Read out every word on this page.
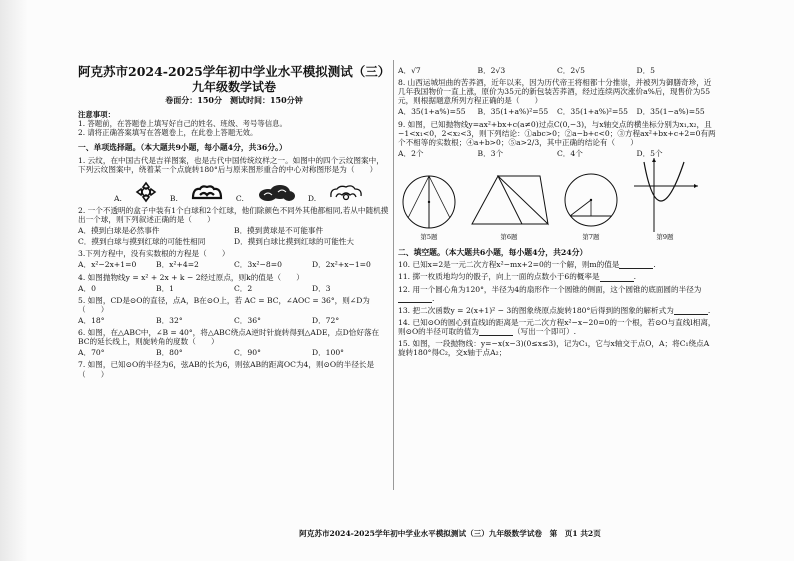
阿克苏市2024-2025学年初中学业水平模拟测试（三）
九年级数学试卷
卷面分：150分　测试时间：150分钟
注意事项：
1. 答题前，在答题卷上填写好自己的姓名、班级、考号等信息。
2. 请将正确答案填写在答题卷上，在此卷上答题无效。
一、单项选择题。（本大题共9小题，每小题4分，共36分。）
1. 云纹，在中国古代是吉祥图案，也是古代中国传统纹样之一。如图中的四个云纹图案中，下列云纹图案中，绕着某一个点旋转180°后与原来图形重合的中心对称图形是为（　　）
A.	B.	C.	D.
2. 一个不透明的盒子中装有1个白球和2个红球，他们除颜色不同外其他都相同,若从中随机摸出一个球，则下列叙述正确的是（　　）
A．摸到白球是必然事件	B．摸到黄球是不可能事件
C．摸到白球与摸到红球的可能性相同	D．摸到白球比摸到红球的可能性大
3.下列方程中，没有实数根的方程是（　　）
A．x²−2x+1=0	B．x²+4=2	C．3x²−8=0	D．2x²+x−1=0
4. 如图抛物线y = x² + 2x + k − 2经过原点，则k的值是（　　）
A．0	B．1	C．2	D．3
5. 如图，CD是⊙O的直径，点A，B在⊙O上，若 AC = BC，∠AOC = 36°，则∠D为（　　）
A．18°	B．32°	C．36°	D．72°
6. 如图，在△ABC中，∠B = 40°，将△ABC绕点A逆时针旋转得到△ADE，点D恰好落在BC的延长线上，则旋转角的度数（　　）
A．70°	B．80°	C．90°	D．100°
7. 如图，已知⊙O的半径为6，弦AB的长为6，则弦AB的距离OC为4，则⊙O的半径长是（　　）
A．√7	B．2√3	C．2√5	D．5
8. 山西运城垣曲的苦荞酒，近年以来，因为历代帝王将相都十分推崇，并被列为御膳奇珍，近几年我国物价一直上涨，原价为35元的新包装苦荞酒，经过连续两次涨价a%后，现售价为55元，则根据题意所列方程正确的是（　　）
A．35(1+a%)=55	B．35(1+a%)²=55	C．35(1+a%)²=55	D．35(1−a%)=55
9. 如图，已知抛物线y=ax²+bx+c(a≠0)过点C(0,−3)，与x轴交点的横坐标分别为x₁,x₂，且−1<x₁<0，2<x₂<3，则下列结论：①abc>0；②a−b+c<0；③方程ax²+bx+c+2=0有两个不相等的实数根；④a+b>0；⑤a>2/3，其中正确的结论有（　　）
A．2个	B．3个	C．4个	D．5个
第5题	第6题	第7题	第9题
二、填空题。（本大题共6小题，每小题4分，共24分）
10. 已知x=2是一元二次方程x²−mx+2=0的一个解，则m的值是	.
11. 掷一枚质地均匀的骰子，向上一面的点数小于6的概率是	.
12. 用一个圆心角为120°，半径为4的扇形作一个圆锥的侧面，这个圆锥的底面圆的半径为.
13. 把二次函数y = 2(x+1)² − 3的图象绕原点旋转180°后得到的图象的解析式为	.
14. 已知⊙O的圆心到直线l的距离是一元二次方程x²−x−20=0的一个根，若⊙O与直线l相离，则⊙O的半径可取的值为	（写出一个即可）.
15. 如图，一段抛物线：y=−x(x−3)(0≤x≤3)，记为C₁，它与x轴交于点O，A；将C₁绕点A旋转180°得C₂，交x轴于点A₂；
阿克苏市2024-2025学年初中学业水平模拟测试（三）九年级数学试卷　第　页1 共2页
